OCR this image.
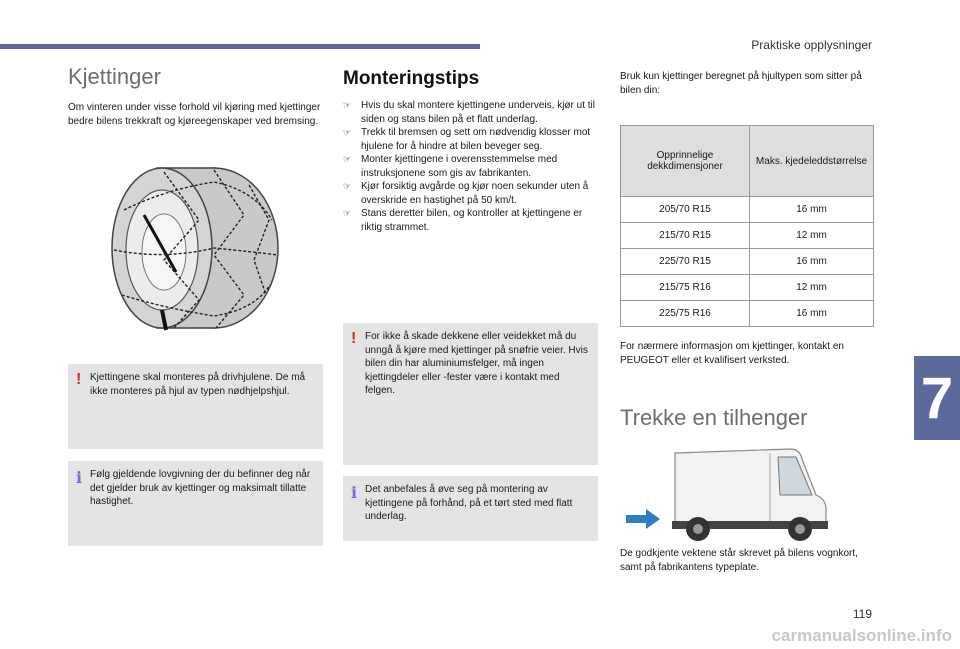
Praktiske opplysninger
7
Kjettinger
Om vinteren under visse forhold vil kjøring med kjettinger bedre bilens trekkraft og kjøreegenskaper ved bremsing.
! Kjettingene skal monteres på drivhjulene. De må ikke monteres på hjul av typen nødhjelpshjul.
i Følg gjeldende lovgivning der du befinner deg når det gjelder bruk av kjettinger og maksimalt tillatte hastighet.
Monteringstips
☞ Hvis du skal montere kjettingene underveis, kjør ut til siden og stans bilen på et flatt underlag.
☞ Trekk til bremsen og sett om nødvendig klosser mot hjulene for å hindre at bilen beveger seg.
☞ Monter kjettingene i overensstemmelse med instruksjonene som gis av fabrikanten.
☞ Kjør forsiktig avgårde og kjør noen sekunder uten å overskride en hastighet på 50 km/t.
☞ Stans deretter bilen, og kontroller at kjettingene er riktig strammet.
! For ikke å skade dekkene eller veidekket må du unngå å kjøre med kjettinger på snøfrie veier. Hvis bilen din har aluminiumsfelger, må ingen kjettingdeler eller -fester være i kontakt med felgen.
i Det anbefales å øve seg på montering av kjettingene på forhånd, på et tørt sted med flatt underlag.
Bruk kun kjettinger beregnet på hjultypen som sitter på bilen din:
Opprinnelige dekkdimensjoner	Maks. kjedeleddstørrelse
205/70 R15	16 mm
215/70 R15	12 mm
225/70 R15	16 mm
215/75 R16	12 mm
225/75 R16	16 mm
For nærmere informasjon om kjettinger, kontakt en PEUGEOT eller et kvalifisert verksted.
Trekke en tilhenger
De godkjente vektene står skrevet på bilens vognkort, samt på fabrikantens typeplate.
119
carmanualsonline.info
